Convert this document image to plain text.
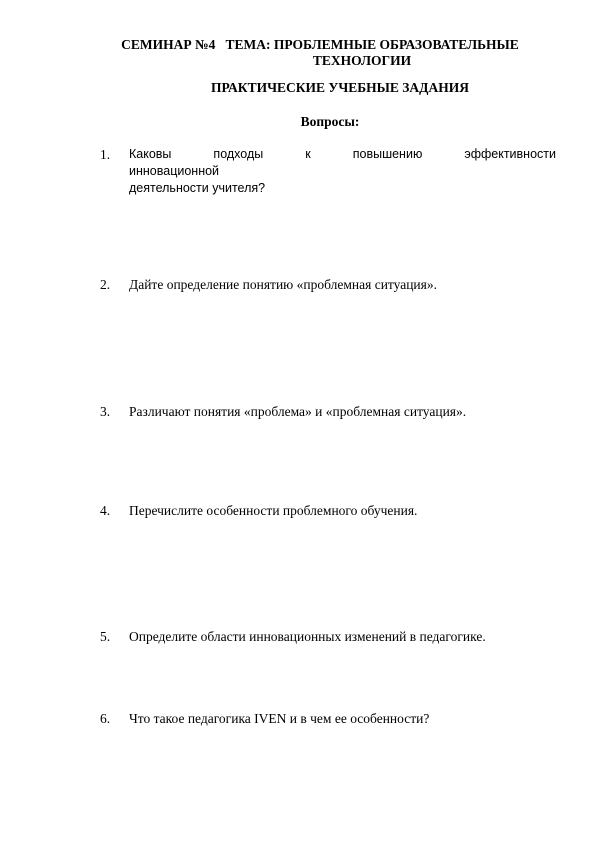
СЕМИНАР №4   ТЕМА: ПРОБЛЕМНЫЕ ОБРАЗОВАТЕЛЬНЫЕ
ТЕХНОЛОГИИ
ПРАКТИЧЕСКИЕ УЧЕБНЫЕ ЗАДАНИЯ
Вопросы:
1.	Каковы подходы к повышению эффективности инновационной
деятельности учителя?
2.	Дайте определение понятию «проблемная ситуация».
3.	Различают понятия «проблема» и «проблемная ситуация».
4.	Перечислите особенности проблемного обучения.
5.	Определите области инновационных изменений в педагогике.
6.	Что такое педагогика IVEN и в чем ее особенности?
